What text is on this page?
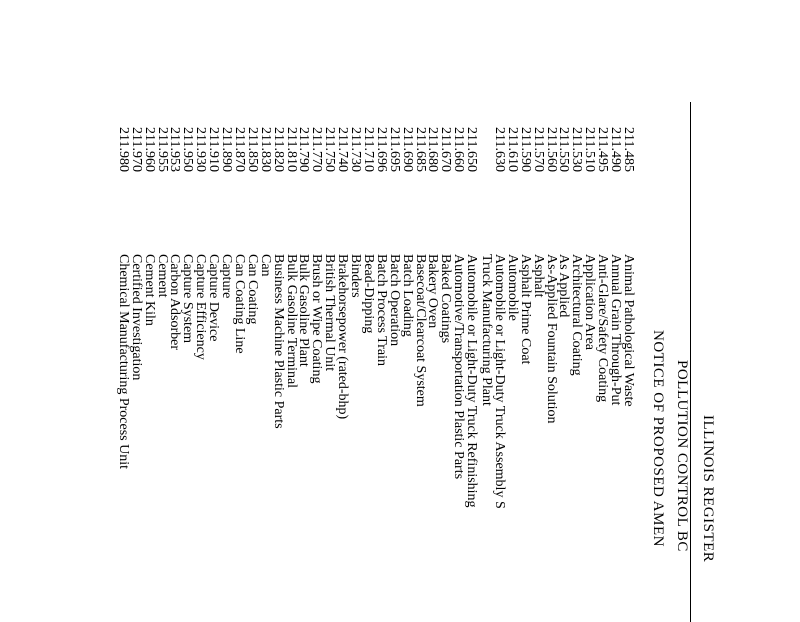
ILLINOIS REGISTER
POLLUTION CONTROL BC
NOTICE OF PROPOSED AMEN
211.485
Animal Pathological Waste
211.490
Annual Grain Through-Put
211.495
Anti-Glare/Safety Coating
211.510
Application Area
211.530
Architectural Coating
211.550
As Applied
211.560
As-Applied Fountain Solution
211.570
Asphalt
211.590
Asphalt Prime Coat
211.610
Automobile
211.630
Automobile or Light-Duty Truck Assembly S
Truck Manufacturing Plant
211.650
Automobile or Light-Duty Truck Refinishing
211.660
Automotive/Transportation Plastic Parts
211.670
Baked Coatings
211.680
Bakery Oven
211.685
Basecoat/Clearcoat System
211.690
Batch Loading
211.695
Batch Operation
211.696
Batch Process Train
211.710
Bead-Dipping
211.730
Binders
211.740
Brakehorsepower (rated-bhp)
211.750
British Thermal Unit
211.770
Brush or Wipe Coating
211.790
Bulk Gasoline Plant
211.810
Bulk Gasoline Terminal
211.820
Business Machine Plastic Parts
211.830
Can
211.850
Can Coating
211.870
Can Coating Line
211.890
Capture
211.910
Capture Device
211.930
Capture Efficiency
211.950
Capture System
211.953
Carbon Adsorber
211.955
Cement
211.960
Cement Kiln
211.970
Certified Investigation
211.980
Chemical Manufacturing Process Unit
